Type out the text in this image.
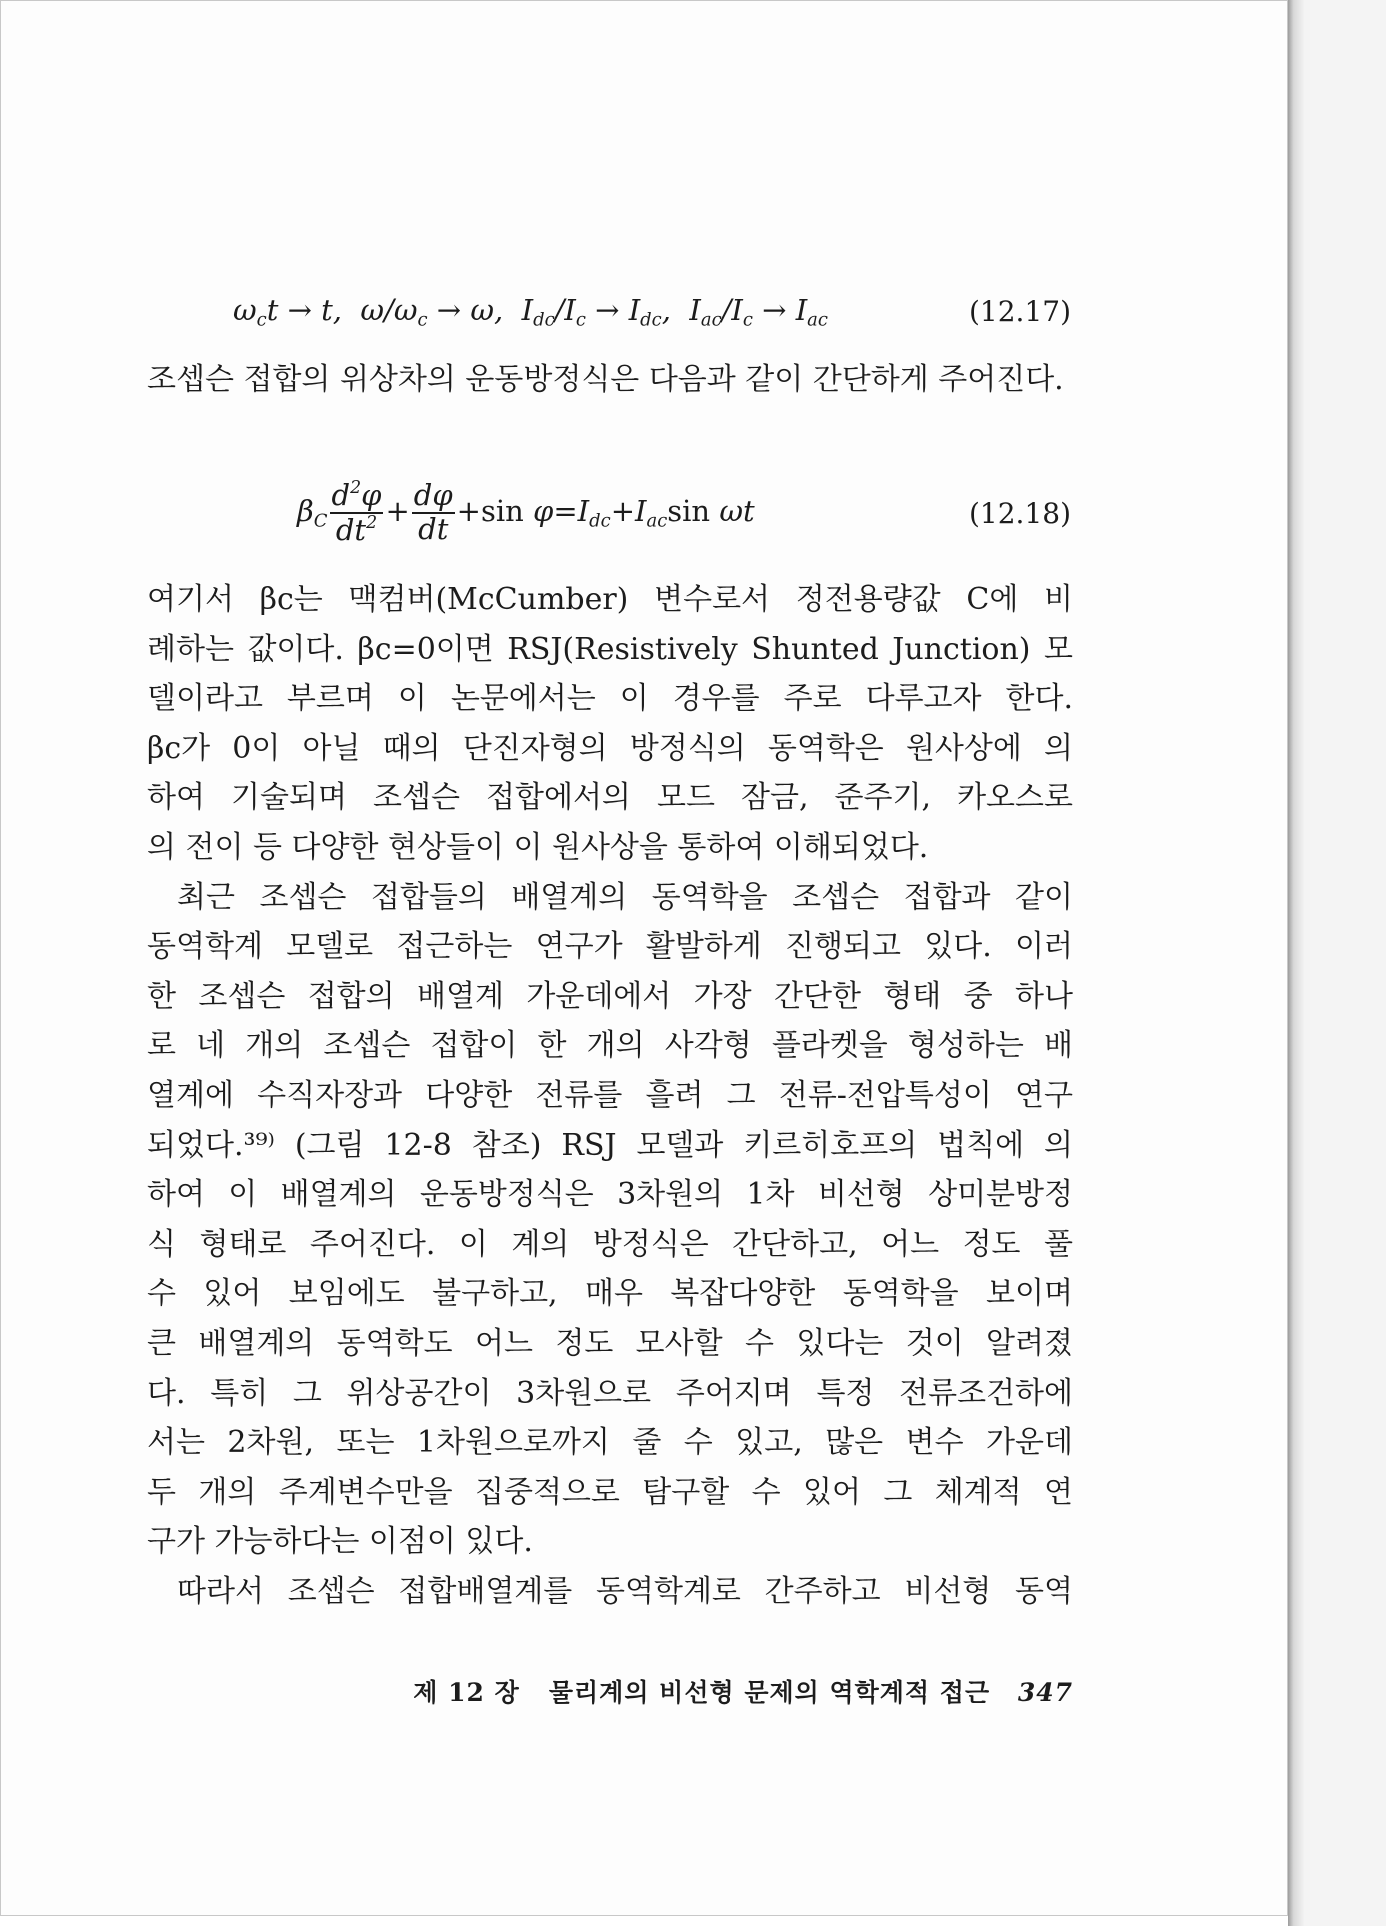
$\omega_ct \to t$,  $\omega/\omega_c \to \omega$,  $I_{dc}/I_c \to I_{dc}$,  $I_{ac}/I_c \to I_{ac}$	(12.17)

조셉슨 접합의 위상차의 운동방정식은 다음과 같이 간단하게 주어진다.

$\beta_C \frac{d^2\varphi}{dt^2} + \frac{d\varphi}{dt} +\sin$ $\varphi=I_{dc}+I_{ac}\sin$ ωt	(12.18)

여기서 βc는 맥컴버(McCumber) 변수로서 정전용량값 C에 비

례하는 값이다. βc=0이면 RSJ(Resistively Shunted Junction) 모

델이라고 부르며 이 논문에서는 이 경우를 주로 다루고자 한다.

βc가 0이 아닐 때의 단진자형의 방정식의 동역학은 원사상에 의

하여 기술되며 조셉슨 접합에서의 모드 잠금, 준주기, 카오스로

의 전이 등 다양한 현상들이 이 원사상을 통하여 이해되었다.

최근 조셉슨 접합들의 배열계의 동역학을 조셉슨 접합과 같이

동역학계 모델로 접근하는 연구가 활발하게 진행되고 있다. 이러

한 조셉슨 접합의 배열계 가운데에서 가장 간단한 형태 중 하나

로 네 개의 조셉슨 접합이 한 개의 사각형 플라켓을 형성하는 배

열계에 수직자장과 다양한 전류를 흘려 그 전류-전압특성이 연구

되었다.³⁹⁾ (그림 12-8 참조) RSJ 모델과 키르히호프의 법칙에 의

하여 이 배열계의 운동방정식은 3차원의 1차 비선형 상미분방정

식 형태로 주어진다. 이 계의 방정식은 간단하고, 어느 정도 풀

수 있어 보임에도 불구하고, 매우 복잡다양한 동역학을 보이며

큰 배열계의 동역학도 어느 정도 모사할 수 있다는 것이 알려졌

다. 특히 그 위상공간이 3차원으로 주어지며 특정 전류조건하에

서는 2차원, 또는 1차원으로까지 줄 수 있고, 많은 변수 가운데

두 개의 주계변수만을 집중적으로 탐구할 수 있어 그 체계적 연

구가 가능하다는 이점이 있다.

따라서 조셉슨 접합배열계를 동역학계로 간주하고 비선형 동역

제 12 장 물리계의 비선형 문제의 역학계적 접근 347
